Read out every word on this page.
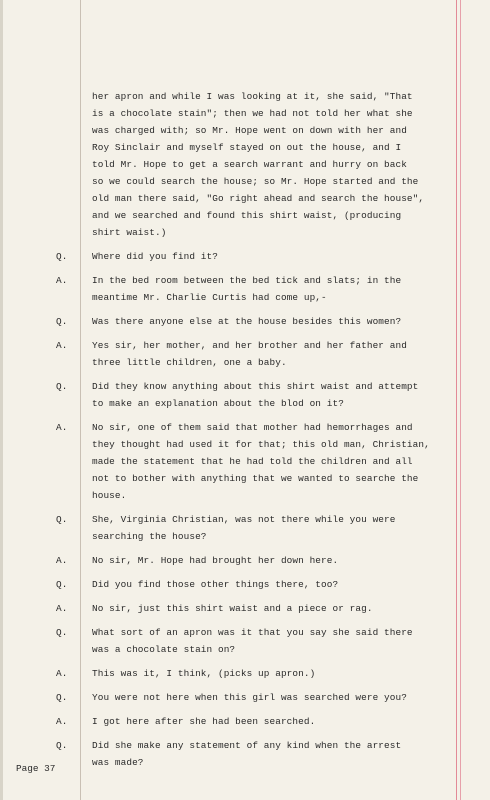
her apron and while I was looking at it, she said, "That
is a chocolate stain"; then we had not told her what she
was charged with; so Mr. Hope went on down with her and
Roy Sinclair and myself stayed on out the house, and I
told Mr. Hope to get a search warrant and hurry on back
so we could search the house; so Mr. Hope started and the
old man there said, "Go right ahead and search the house",
and we searched and found this shirt waist, (producing
shirt waist.)
Q.	Where did you find it?
A.	In the bed room between the bed tick and slats; in the
meantime Mr. Charlie Curtis had come up,-
Q.	Was there anyone else at the house besides this women?
A.	Yes sir, her mother, and her brother and her father and
three little children, one a baby.
Q.	Did they know anything about this shirt waist and attempt
to make an explanation about the blod on it?
A.	No sir, one of them said that mother had hemorrhages and
they thought had used it for that; this old man, Christian,
made the statement that he had told the children and all
not to bother with anything that we wanted to searche the
house.
Q.	She, Virginia Christian, was not there while you were
searching the house?
A.	No sir, Mr. Hope had brought her down here.
Q.	Did you find those other things there, too?
A.	No sir, just this shirt waist and a piece or rag.
Q.	What sort of an apron was it that you say she said there
was a chocolate stain on?
A.	This was it, I think, (picks up apron.)
Q.	You were not here when this girl was searched were you?
A.	I got here after she had been searched.
Q.	Did she make any statement of any kind when the arrest
was made?
Page 37
